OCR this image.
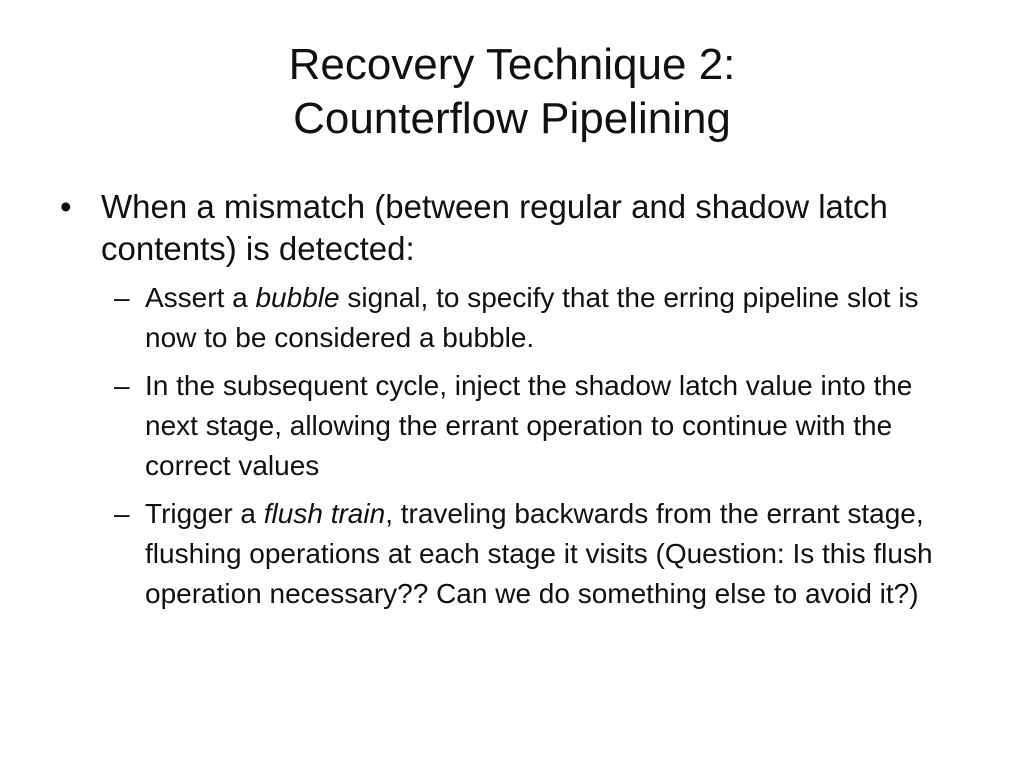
Recovery Technique 2:
Counterflow Pipelining
• When a mismatch (between regular and shadow latch contents) is detected:
– Assert a bubble signal, to specify that the erring pipeline slot is now to be considered a bubble.
– In the subsequent cycle, inject the shadow latch value into the next stage, allowing the errant operation to continue with the correct values
– Trigger a flush train, traveling backwards from the errant stage, flushing operations at each stage it visits (Question: Is this flush operation necessary?? Can we do something else to avoid it?)
